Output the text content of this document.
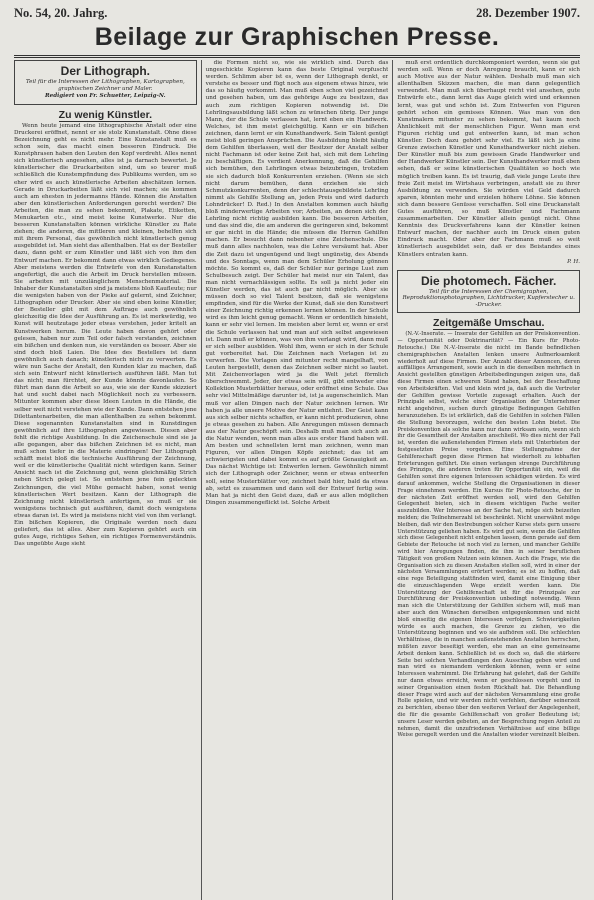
No. 54, 20. Jahrg.	28. Dezember 1907.
Beilage zur Graphischen Presse.
Der Lithograph.
Teil für die Interessen der Lithographen, Kartographen, graphischen Zeichner und Maler.
Redigiert von Fr. Schuetter, Leipzig-N.
Zu wenig Künstler.

Wenn heute jemand eine lithographische Anstalt oder eine Druckerei eröffnet, nennt er sie stolz Kunstanstalt. Ohne diese Bezeichnung geht es nicht mehr. Eine Kunstanstalt muß es schon sein, das macht einen besseren Eindruck. Die Kunstphrasen haben den Leuten den Kopf verdreht. Alles nennt sich künstlerisch angesehen, alles ist ja darnach bewertet. Je künstlerischer die Druckarbeiten sind, um so teurer muß schließlich die Kunstempfindung des Publikums werden, um so eher wird es auch künstlerische Arbeiten abschätzen lernen. Gerade in Druckarbeiten läßt sich viel machen; sie kommen auch am ehesten in jedermanns Hände. Können die Anstalten aber den künstlerischen Anforderungen gerecht werden? Die Arbeiten, die man zu sehen bekommt, Plakate, Etiketten, Menukarten etc., sind meist keine Kunstwerke. Nur die besseren Kunstanstalten können wirkliche Künstler zu Rate ziehen; die anderen, die mittleren und kleinen, behelfen sich mit ihrem Personal, das gewöhnlich nicht künstlerisch genug ausgebildet ist. Man sieht das allenthalben. Hat es der Besteller dazu, dann geht er zum Künstler und läßt sich von ihm den Entwurf machen. Er bekommt dann etwas wirklich Gediegenes. Aber meistens werden die Entwürfe von den Kunstanstalten angefertigt, die auch die Arbeit im Druck herstellen müssen. Sie arbeiten mit unzulänglichem Menschenmaterial. Die Inhaber der Kunstanstalten sind ja meistens bloß Kaufleute; nur die wenigsten haben von der Pieke auf gelernt, sind Zeichner, Lithographen oder Drucker. Aber sie sind eben keine Künstler, der Besteller gibt mit dem Auftrage auch gewöhnlich gleichzeitig die Idee der Ausführung an. Es ist merkwürdig, wo Kunst will heutzutage jeder etwas verstehen, jeder kritelt an Kunstwerken herum. Die Leute haben davon gehört oder gelesen, haben nur zum Teil oder falsch verstanden, zeichnen ein bißchen und denken nun, sie verständen es besser. Aber sie sind doch bloß Laien. Die Idee des Bestellers ist dann gewöhnlich auch danach; künstlerisch nicht zu verwerten. Es wäre nun Sache der Anstalt, den Kunden klar zu machen, daß sich sein Entwurf nicht künstlerisch ausführen läßt. Man tut das nicht; man fürchtet, der Kunde könnte davonlaufen. So führt man dann die Arbeit so aus, wie sie der Kunde skizziert hat und sucht dabei nach Möglichkeit noch zu verbessern. Mitunter kommen aber diese Ideen Leuten in die Hände, die selber weit nicht verstehen wie der Kunde. Dann entstehen jene Dilettantenarbeiten, die man allenthalben zu sehen bekommt. Diese sogenannten Kunstanstalten sind in Kunstdingen gewöhnlich auf ihre Lithographen angewiesen. Diesen aber fehlt die richtige Ausbildung. In die Zeichenschule sind sie ja alle gegangen, aber das bißchen Zeichnen ist es nicht, man muß schon tiefer in die Materie eindringen! Der Lithograph schäfft meist bloß die technische Ausführung der Zeichnung, weil er die künstlerische Qualität nicht würdigen kann. Seiner Ansicht nach ist die Zeichnung gut, wenn gleichmäßig Strich neben Strich gelegt ist. So entstehen jene fein geleckten Zeichnungen, die viel Mühe gemacht haben, sonst wenig künstlerischen Wert besitzen. Kann der Lithograph die Zeichnung nicht künstlerisch anfertigen, so muß er sie wenigstens technisch gut ausführen, damit doch wenigstens etwas daran ist. Es wird ja meistens nicht viel von ihm verlangt. Ein bißchen Kopieren, die Originale werden noch dazu geliefert, das ist alles. Aber zum Kopieren gehört auch ein gutes Auge, richtiges Sehen, ein richtiges Formenverständnis. Das ungeübte Auge sieht

die Formen nicht so, wie sie wirklich sind. Durch das ungeschickte Kopieren kann das beste Original verpfuscht werden. Schlimm aber ist es, wenn der Lithograph denkt, er verstehe es besser und fügt noch aus eigenem etwas hinzu, wie das so häufig vorkommt. Man muß eben schon viel gezeichnet und gesehen haben, um das gehörige Auge zu besitzen, das auch zum richtigen Kopieren notwendig ist. Die Lehrlingsausbildung läßt schon zu wünschen übrig. Der junge Mann, der die Schule verlassen hat, lernt eben ein Handwerk. Welches, ist ihm meist gleichgültig. Kann er ein bißchen zeichnen, dann lernt er ein Kunsthandwerk. Sein Talent genügt meist bloß geringen Ansprüchen. Die Ausbildung bleibt häufig dem Gehilfen überlassen, weil der Besitzer der Anstalt selber nicht Fachmann ist oder keine Zeit hat, sich mit dem Lehrling zu beschäftigen. Es verdient Anerkennung, daß die Gehilfen sich bemühen, den Lehrlingen etwas beizubringen, trotzdem sie sich dadurch bloß Konkurrenten erziehen. (Wenn sie sich nicht darum bemühen, dann erziehen sie sich Schmutzkonkurrenten, denn der schlechtausgebildete Lehrling nimmt als Gehilfe Stellung an, jeden Preis und wird dadurch Lohndrücker! D. Red.) In den Anstalten kommen auch häufig bloß minderwertige Arbeiten vor; Arbeiten, an denen sich der Lehrling nicht richtig ausbilden kann. Die besseren Arbeiten, und das sind die, die am anderen die geringeren sind, bekommt er gar nicht in die Hände; die müssen die Herren Gehilfen machen. Er besucht dann nebenher eine Zeichenschule. Die muß dann alles nachholen, was die Lehre versäumt hat. Aber die Zeit dazu ist ungenügend und liegt ungünstig, des Abends und des Sonntags, wenn man dem Schüler Erholung gönnen möchte. So kommt es, daß der Schüler nur geringe Lust zum Schulbesuch zeigt. Der Schüler hat meist nur ein Talent, das man nicht vernachlässigen sollte. Es soll ja nicht jeder ein Künstler werden, das ist auch gar nicht möglich. Aber sie müssen doch so viel Talent besitzen, daß sie wenigstens empfinden, sind für die Werke der Kunst, daß sie den Kunstwert einer Zeichnung richtig erkennen lernen können. In der Schule wird es ihm leicht genug gemacht. Wenn er ordentlich hinsieht, kann er sehr viel lernen. Im meisten aber lernt er, wenn er erst die Schule verlassen hat und man auf sich selbst angewiesen ist. Dann muß er können, was von ihm verlangt wird, dann muß er sich selber ausbilden. Wohl ihm, wenn er sich in der Schule gut vorbereitet hat. Die Zeichnen nach Vorlagen ist zu verwerfen. Die Vorlagen sind mitunter recht mangelhaft, von Leuten hergestellt, denen das Zeichnen selber nicht so lautet. Mit Zeichenvorlagen wird ja die Welt jetzt förmlich überschwemmt. Jeder, der etwas sein will, gibt entweder eine Kollektion Musterblätter heraus, oder eröffnet eine Schule. Das sehr viel Mittelmäßige darunter ist, ist ja augenscheinlich. Man muß vor allen Dingen nach der Natur zeichnen lernen. Wir haben ja alle unsere Motive der Natur entlehnt. Der Geist kann aus sich selber nichts schaffen, er kann nicht produzieren, ohne je etwas gesehen zu haben. Alle Anregungen müssen demnach aus der Natur geschöpft sein. Deshalb muß man sich auch an die Natur wenden, wenn man alles aus erster Hand haben will. Am besten und schnellsten lernt man zeichnen, wenn man Figuren, vor allen Dingen Köpfe zeichnet; das ist am schwierigsten und dabei kommt es auf größte Genauigkeit an. Das nächst Wichtige ist: Entwerfen lernen. Gewöhnlich nimmt sich der Lithograph oder Zeichner, wenn er etwas entwerfen soll, seine Musterblätter vor, zeichnet bald hier, bald da etwas ab, setzt es zusammen und dann soll der Entwurf fertig sein. Man hat ja nicht den Geist dazu, daß er aus allen möglichen Dingen zusammengeflickt ist. Solche Arbeit

muß erst ordentlich durchkomponiert werden, wenn sie gut werden soll. Wenn er doch Anregung braucht, kann er sich auch Motive aus der Natur wählen. Deshalb muß man sich allenthalben Skizzen machen, die man dann gelegentlich verwendet. Man muß sich überhaupt recht viel ansehen, gute Entwürfe etc., dann lernt das Auge gleich wird und erkennen lernt, was gut und schön ist. Zum Entwerfen von Figuren gehört schon ein gemisses Können. Was man von den Kunstmalern mitunter zu sehen bekommt, hat kaum noch Ähnlichkeit mit der menschlichen Figur. Wenn man erst Figuren richtig und gut entwerfen kann, ist man schon Künstler. Doch dazu gehört sehr viel. Es läßt sich ja eine Grenze zwischen Künstler und Kunsthandwerker nicht ziehen. Der Künstler muß bis zum gewissen Grade Handwerker und der Handwerker Künstler sein. Der Kunsthandwerker muß eben sehen, daß er seine künstlerischen Qualitäten so hoch wie möglich treiben kann. Es ist traurig, daß viele junge Leute ihre freie Zeit meist im Wirtshaus verbringen, anstatt sie zu ihrer Ausbildung zu verwenden. Sie würden viel Geld dadurch sparen, könnten mehr und erzielen höhere Löhne. Sie können sich dann bessere Genüsse verschaffen. Soll eine Druckanstalt Gutes ausführen, so muß Künstler und Fachmann zusammenarbeiten. Der Künstler allein genügt nicht. Ohne Kenntnis des Druckverfahrens kann der Künstler keinen Entwurf machen, der nachher auch im Druck einen guten Eindruck macht. Oder aber der Fachmann muß so weit künstlerisch ausgebildet sein, daß er des Beistandes eines Künstlers entraten kann.

P. H.
Die photomech. Fächer.
Teil für die Interessen der Chemigraphen, Reproduktionsphotographen, Lichtdrucker, Kupferstecher u. -Drucker.
Zeitgemäße Umschau.

(N.-V.-Inserate. — Inserate der Gehilfen an der Preiskonvention. — Opportunität oder Doktrinarität? — Ein Kurs für Photo-Retouche.) Die N.-V.-Inserate die nicht im Bande befindlichen chemigraphischen Anstalten lenken unsere Aufmerksamkeit wiederholt auf diese Firmen. Der Anzahl dieser Annoncen, deren auffälliges Arrangement, sowie auch in die denselben mehrfach in Ansicht gestellten günstigen Arbeitsbedingungen zeigen uns, daß diese Firmen einen schweren Stand haben, bei der Beschaffung von Arbeitskräften. Viel und klein wird ja, daß auch die Vertreter der Gehilfen gewisse Vorteile zugesagt erhalten. Auch der Prinzipale selbst, welche einer Organisation der Unternehmer nicht angehören, suchen durch günstige Bedingungen Gehilfen heranzuziehen. Es ist erklärlich, daß die Gehilfen in solchen Fällen die Stellung bevorzugen, welche den besten Lohn bietet. Die Preiskonvention als solche kann nur dann wirksam sein, wenn sich ihr die Gesamtheit der Anstalten anschließt. Wo dies nicht der Fall ist, werden die außenstehenden Firmen stets mit Unterbieten der festgesetzten Preise vorgehen. Eine Stellungnahme der Gehilfenschaft gegen diese Firmen hat wiederholt zu lebhaften Erörterungen geführt. Die einen verlangen strenge Durchführung des Prinzips, die anderen treten für Opportunität ein, weil die Gehilfen sonst ihre eigenen Interessen schädigen würden. Es wird darauf ankommen, welche Stellung die Organisationen in dieser Frage einnehmen werden. Ein Kursus für Photo-Retouche, der in der nächsten Zeit eröffnet werden soll, wird den Gehilfen Gelegenheit bieten, sich in diesem wichtigen Fache weiter auszubilden. Wer Interesse an der Sache hat, möge sich beizeiten melden; die Teilnehmerzahl ist beschränkt. Nicht unerwähnt möge bleiben, daß wir den Bestrebungen solcher Kurse stets gern unsere Unterstützung geliehen haben. Es wird gut sein, wenn die Gehilfen sich diese Gelegenheit nicht entgehen lassen, denn gerade auf dem Gebiete der Retouche ist noch viel zu lernen, und mancher Gehilfe wird hier Anregungen finden, die ihm in seiner beruflichen Tätigkeit von großem Nutzen sein können. Auch die Frage, wie die Organisation sich zu diesen Anstalten stellen soll, wird in einer der nächsten Versammlungen erörtert werden; es ist zu hoffen, daß eine rege Beteiligung stattfinden wird, damit eine Einigung über die einzuschlagenden Wege erzielt werden kann. Die Unterstützung der Gehilfenschaft ist für die Prinzipale zur Durchführung der Preiskonvention unbedingt notwendig. Wenn man sich die Unterstützung der Gehilfen sichern will, muß man aber auch den Wünschen derselben entgegenkommen und nicht bloß einseitig die eigenen Interessen verfolgen. Schwierigkeiten würde es auch machen, die Grenze zu ziehen, wo die Unterstützung beginnen und wo sie aufhören soll. Die schlechten Verhältnisse, die in manchen außenstehenden Anstalten herrschen, müßten zuvor beseitigt werden, ehe man an eine gemeinsame Arbeit denken kann. Schließlich ist es doch so, daß die stärkere Seite bei solchen Verhandlungen den Ausschlag geben wird und man wird es niemandem verdenken können, wenn er seine Interessen wahrnimmt. Die Erfahrung hat gelehrt, daß der Gehilfe nur dann etwas erreicht, wenn er geschlossen vorgeht und in seiner Organisation einen festen Rückhalt hat. Die Behandlung dieser Frage wird auch auf der nächsten Versammlung eine große Rolle spielen, und wir werden nicht verfehlen, darüber seinerzeit zu berichten, ebenso über den weiteren Verlauf der Angelegenheit, die für die gesamte Gehilfenschaft von großer Bedeutung ist; unsere Leser werden gebeten, an der Besprechung regen Anteil zu nehmen, damit die unzufriedenen Verhältnisse auf eine billige Weise geregelt werden und die Anstalten wieder vereinzelt bleiben.
